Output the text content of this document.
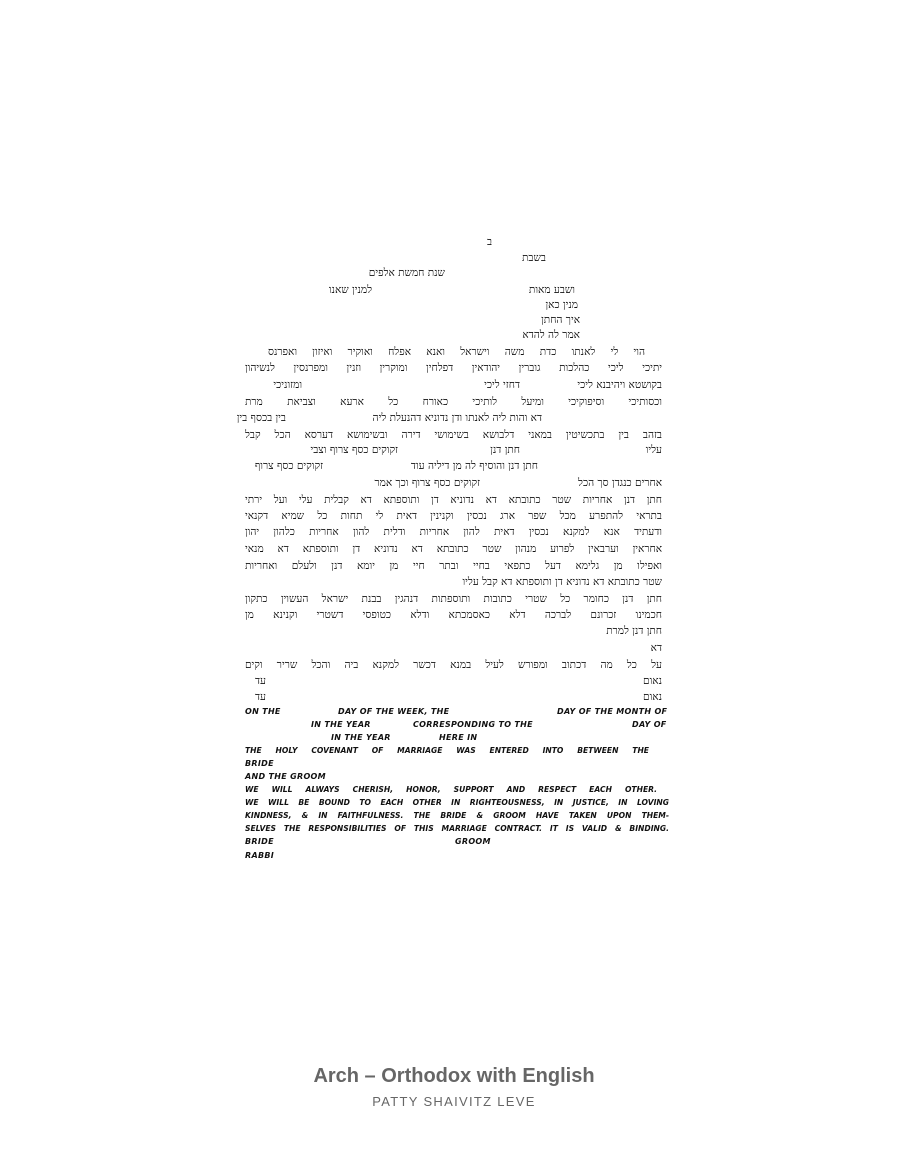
ב
בשבת
שנת חמשת אלפים
ושבע מאות
למנין שאנו
מנין כאן
איך החתן
אמר לה להדא
הוי לי לאנתו כדת משה וישראל ואנא אפלח ואוקיר ואיזון ואפרנס
יתיכי ליכי כהלכות גוברין יהודאין דפלחין ומוקרין וזנין ומפרנסין לנשיהון
בקושטא ויהיבנא ליכי
דחזי ליכי
ומזוניכי
וכסותיכי וסיפוקיכי ומיעל לותיכי כאורח כל ארעא וצביאת מרת
דא והות ליה לאנתו ודן נדוניא דהנעלת ליה
בין בכסף בין
בזהב בין בתכשיטין במאני דלבושא בשימושי דירה ובשימושא דערסא הכל קבל
עליו
חתן דנן
זקוקים כסף צרוף וצבי
חתן דנן והוסיף לה מן דיליה עוד
זקוקים כסף צרוף
אחרים כנגדן סך הכל
זקוקים כסף צרוף וכך אמר
חתן דנן אחריות שטר כתובתא דא נדוניא דן ותוספתא דא קבלית עלי ועל ירתי
בתראי להתפרע מכל שפר ארג נכסין וקנינין דאית לי תחות כל שמיא דקנאי
ודעתיד אנא למקנא נכסין דאית להון אחריות ודלית להון אחריות כלהון יהון
אחראין וערבאין לפרוע מנהון שטר כתובתא דא נדוניא דן ותוספתא דא מנאי
ואפילו מן גלימא דעל כתפאי בחיי ובתר חיי מן יומא דנן ולעלם ואחריות
שטר כתובתא דא נדוניא דן ותוספתא דא קבל עליו
חתן דנן כחומר כל שטרי כתובות ותוספתות דנהגין בבנת ישראל העשוין כתקון
חכמינו זכרונם לברכה דלא כאסמכתא ודלא כטופסי דשטרי וקנינא מן
חתן דנן למרת
דא
על כל מה דכתוב ומפורש לעיל במנא דכשר למקנא ביה והכל שריר וקים
נאום
עד
נאום
עד
ON THE	DAY OF THE WEEK, THE	DAY OF THE MONTH OF
IN THE YEAR	CORRESPONDING TO THE	DAY OF
IN THE YEAR	HERE IN
THE HOLY COVENANT OF MARRIAGE WAS ENTERED INTO BETWEEN THE
BRIDE
AND THE GROOM
WE WILL ALWAYS CHERISH, HONOR, SUPPORT AND RESPECT EACH OTHER.
WE WILL BE BOUND TO EACH OTHER IN RIGHTEOUSNESS, IN JUSTICE, IN LOVING
KINDNESS, & IN FAITHFULNESS. THE BRIDE & GROOM HAVE TAKEN UPON THEM-
SELVES THE RESPONSIBILITIES OF THIS MARRIAGE CONTRACT. IT IS VALID & BINDING.
BRIDE	GROOM
RABBI
Arch – Orthodox with English
PATTY SHAIVITZ LEVE
